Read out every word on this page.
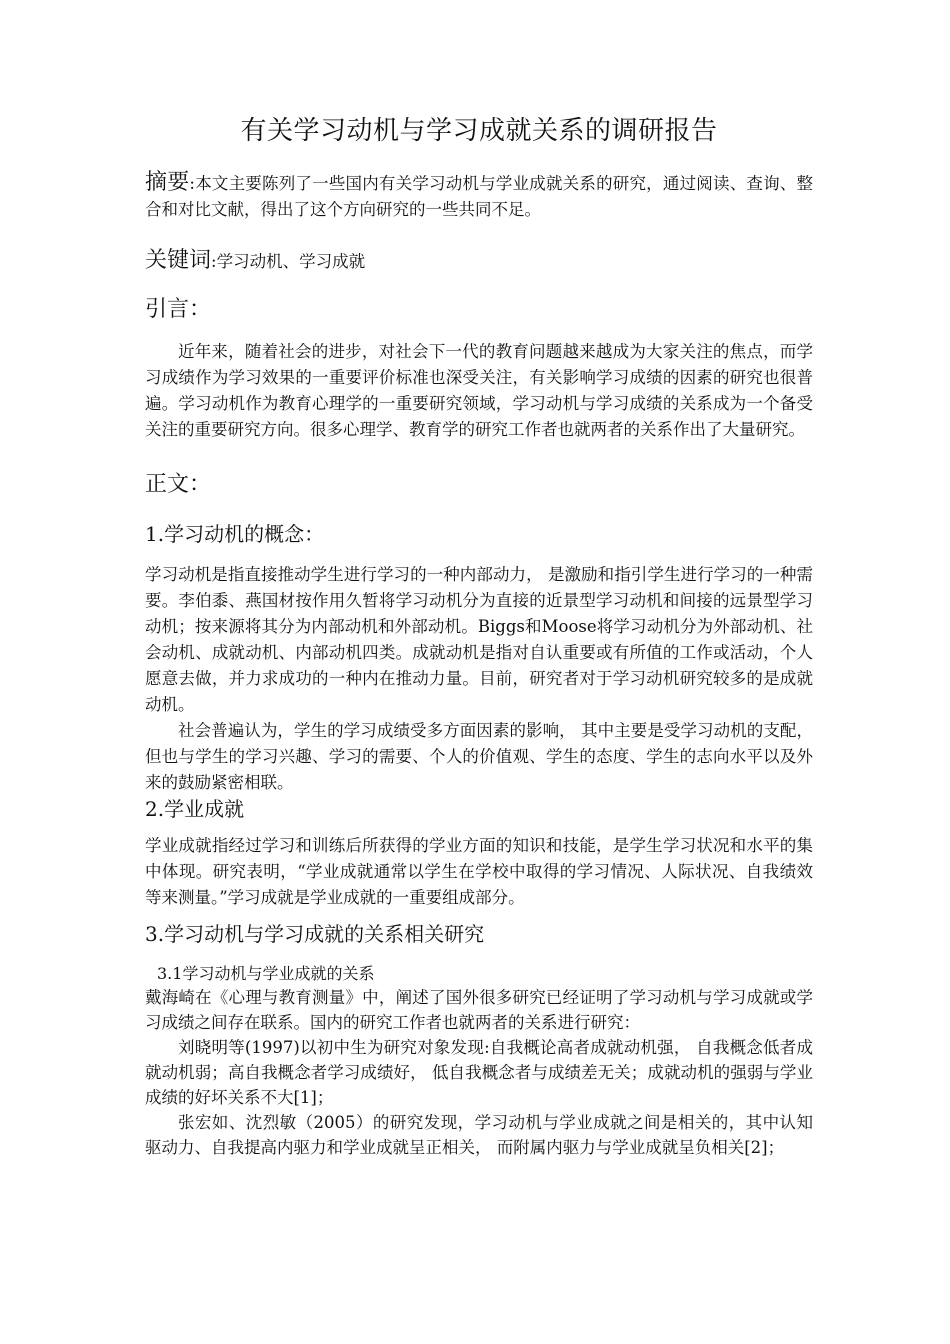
有关学习动机与学习成就关系的调研报告

摘要:本文主要陈列了一些国内有关学习动机与学业成就关系的研究，通过阅读、查询、整合和对比文献，得出了这个方向研究的一些共同不足。

关键词:学习动机、学习成就

引言：

近年来，随着社会的进步，对社会下一代的教育问题越来越成为大家关注的焦点，而学习成绩作为学习效果的一重要评价标准也深受关注，有关影响学习成绩的因素的研究也很普遍。学习动机作为教育心理学的一重要研究领域，学习动机与学习成绩的关系成为一个备受关注的重要研究方向。很多心理学、教育学的研究工作者也就两者的关系作出了大量研究。

正文：

1.学习动机的概念：

学习动机是指直接推动学生进行学习的一种内部动力， 是激励和指引学生进行学习的一种需要。李伯黍、燕国材按作用久暂将学习动机分为直接的近景型学习动机和间接的远景型学习动机；按来源将其分为内部动机和外部动机。Biggs和Moose将学习动机分为外部动机、社会动机、成就动机、内部动机四类。成就动机是指对自认重要或有所值的工作或活动，个人愿意去做，并力求成功的一种内在推动力量。目前，研究者对于学习动机研究较多的是成就动机。

社会普遍认为，学生的学习成绩受多方面因素的影响， 其中主要是受学习动机的支配， 但也与学生的学习兴趣、学习的需要、个人的价值观、学生的态度、学生的志向水平以及外来的鼓励紧密相联。

2.学业成就

学业成就指经过学习和训练后所获得的学业方面的知识和技能，是学生学习状况和水平的集中体现。研究表明，“学业成就通常以学生在学校中取得的学习情况、人际状况、自我绩效等来测量。”学习成就是学业成就的一重要组成部分。

3.学习动机与学习成就的关系相关研究

3.1学习动机与学业成就的关系

戴海崎在《心理与教育测量》中，阐述了国外很多研究已经证明了学习动机与学习成就或学习成绩之间存在联系。国内的研究工作者也就两者的关系进行研究：

刘晓明等(1997)以初中生为研究对象发现:自我概论高者成就动机强， 自我概念低者成就动机弱；高自我概念者学习成绩好， 低自我概念者与成绩差无关；成就动机的强弱与学业成绩的好坏关系不大[1]；

张宏如、沈烈敏（2005）的研究发现，学习动机与学业成就之间是相关的，其中认知驱动力、自我提高内驱力和学业成就呈正相关， 而附属内驱力与学业成就呈负相关[2]；
